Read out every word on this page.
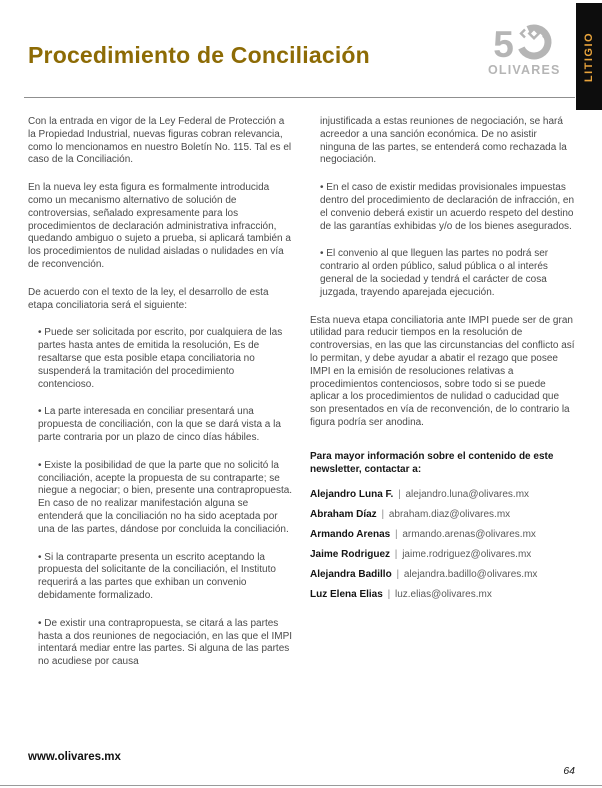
LITIGIO
Procedimiento de Conciliación	5
OLIVARES

Con la entrada en vigor de la Ley Federal de Protección a la Propiedad Industrial, nuevas figuras cobran relevancia, como lo mencionamos en nuestro Boletín No. 115. Tal es el caso de la Conciliación.

En la nueva ley esta figura es formalmente introducida como un mecanismo alternativo de solución de controversias, señalado expresamente para los procedimientos de declaración administrativa infracción, quedando ambiguo o sujeto a prueba, si aplicará también a los procedimientos de nulidad aisladas o nulidades en vía de reconvención.

De acuerdo con el texto de la ley, el desarrollo de esta etapa conciliatoria será el siguiente:

• Puede ser solicitada por escrito, por cualquiera de las partes hasta antes de emitida la resolución, Es de resaltarse que esta posible etapa conciliatoria no suspenderá la tramitación del procedimiento contencioso.

• La parte interesada en conciliar presentará una propuesta de conciliación, con la que se dará vista a la parte contraria por un plazo de cinco días hábiles.

• Existe la posibilidad de que la parte que no solicitó la conciliación, acepte la propuesta de su contraparte; se niegue a negociar; o bien, presente una contrapropuesta. En caso de no realizar manifestación alguna se entenderá que la conciliación no ha sido aceptada por una de las partes, dándose por concluida la conciliación.

• Si la contraparte presenta un escrito aceptando la propuesta del solicitante de la conciliación, el Instituto requerirá a las partes que exhiban un convenio debidamente formalizado.

• De existir una contrapropuesta, se citará a las partes hasta a dos reuniones de negociación, en las que el IMPI intentará mediar entre las partes. Si alguna de las partes no acudiese por causa

injustificada a estas reuniones de negociación, se hará acreedor a una sanción económica. De no asistir ninguna de las partes, se entenderá como rechazada la negociación.

• En el caso de existir medidas provisionales impuestas dentro del procedimiento de declaración de infracción, en el convenio deberá existir un acuerdo respeto del destino de las garantías exhibidas y/o de los bienes asegurados.

• El convenio al que lleguen las partes no podrá ser contrario al orden público, salud pública o al interés general de la sociedad y tendrá el carácter de cosa juzgada, trayendo aparejada ejecución.

Esta nueva etapa conciliatoria ante IMPI puede ser de gran utilidad para reducir tiempos en la resolución de controversias, en las que las circunstancias del conflicto así lo permitan, y debe ayudar a abatir el rezago que posee IMPI en la emisión de resoluciones relativas a procedimientos contenciosos, sobre todo si se puede aplicar a los procedimientos de nulidad o caducidad que son presentados en vía de reconvención, de lo contrario la figura podría ser anodina.

Para mayor información sobre el contenido de este newsletter, contactar a:

Alejandro Luna F. | alejandro.luna@olivares.mx

Abraham Díaz | abraham.diaz@olivares.mx

Armando Arenas | armando.arenas@olivares.mx

Jaime Rodriguez | jaime.rodriguez@olivares.mx

Alejandra Badillo | alejandra.badillo@olivares.mx

Luz Elena Elias | luz.elias@olivares.mx

www.olivares.mx
64
